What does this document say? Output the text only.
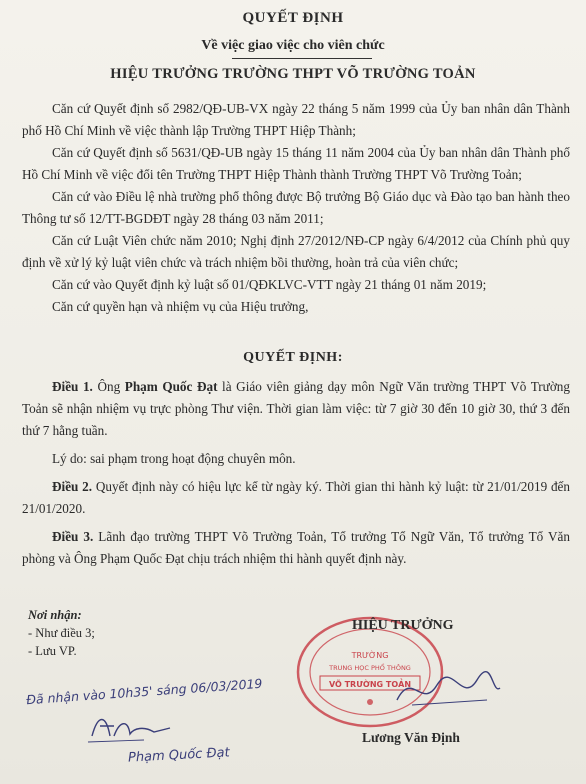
QUYẾT ĐỊNH
Về việc giao việc cho viên chức
HIỆU TRƯỞNG TRƯỜNG THPT VÕ TRƯỜNG TOẢN

Căn cứ Quyết định số 2982/QĐ-UB-VX ngày 22 tháng 5 năm 1999 của Ủy ban nhân dân Thành phố Hồ Chí Minh về việc thành lập Trường THPT Hiệp Thành;

Căn cứ Quyết định số 5631/QĐ-UB ngày 15 tháng 11 năm 2004 của Ủy ban nhân dân Thành phố Hồ Chí Minh về việc đổi tên Trường THPT Hiệp Thành thành Trường THPT Võ Trường Toản;

Căn cứ vào Điều lệ nhà trường phổ thông được Bộ trưởng Bộ Giáo dục và Đào tạo ban hành theo Thông tư số 12/TT-BGDĐT ngày 28 tháng 03 năm 2011;

Căn cứ Luật Viên chức năm 2010; Nghị định 27/2012/NĐ-CP ngày 6/4/2012 của Chính phủ quy định về xử lý kỷ luật viên chức và trách nhiệm bồi thường, hoàn trả của viên chức;

Căn cứ vào Quyết định kỷ luật số 01/QĐKLVC-VTT ngày 21 tháng 01 năm 2019;

Căn cứ quyền hạn và nhiệm vụ của Hiệu trưởng,

QUYẾT ĐỊNH:

Điều 1. Ông Phạm Quốc Đạt là Giáo viên giảng dạy môn Ngữ Văn trường THPT Võ Trường Toản sẽ nhận nhiệm vụ trực phòng Thư viện. Thời gian làm việc: từ 7 giờ 30 đến 10 giờ 30, thứ 3 đến thứ 7 hằng tuần.

Lý do: sai phạm trong hoạt động chuyên môn.

Điều 2. Quyết định này có hiệu lực kể từ ngày ký. Thời gian thi hành kỷ luật: từ 21/01/2019 đến 21/01/2020.

Điều 3. Lãnh đạo trường THPT Võ Trường Toản, Tổ trưởng Tổ Ngữ Văn, Tổ trưởng Tổ Văn phòng và Ông Phạm Quốc Đạt chịu trách nhiệm thi hành quyết định này.

Nơi nhận:
- Như điều 3;
- Lưu VP.	TRƯỜNG
TRUNG HỌC PHỔ THÔNG
VÕ TRƯỜNG TOẢN
HIỆU TRƯỞNG
Lương Văn Định
Đã nhận vào 10h35' sáng 06/03/2019
Phạm Quốc Đạt
